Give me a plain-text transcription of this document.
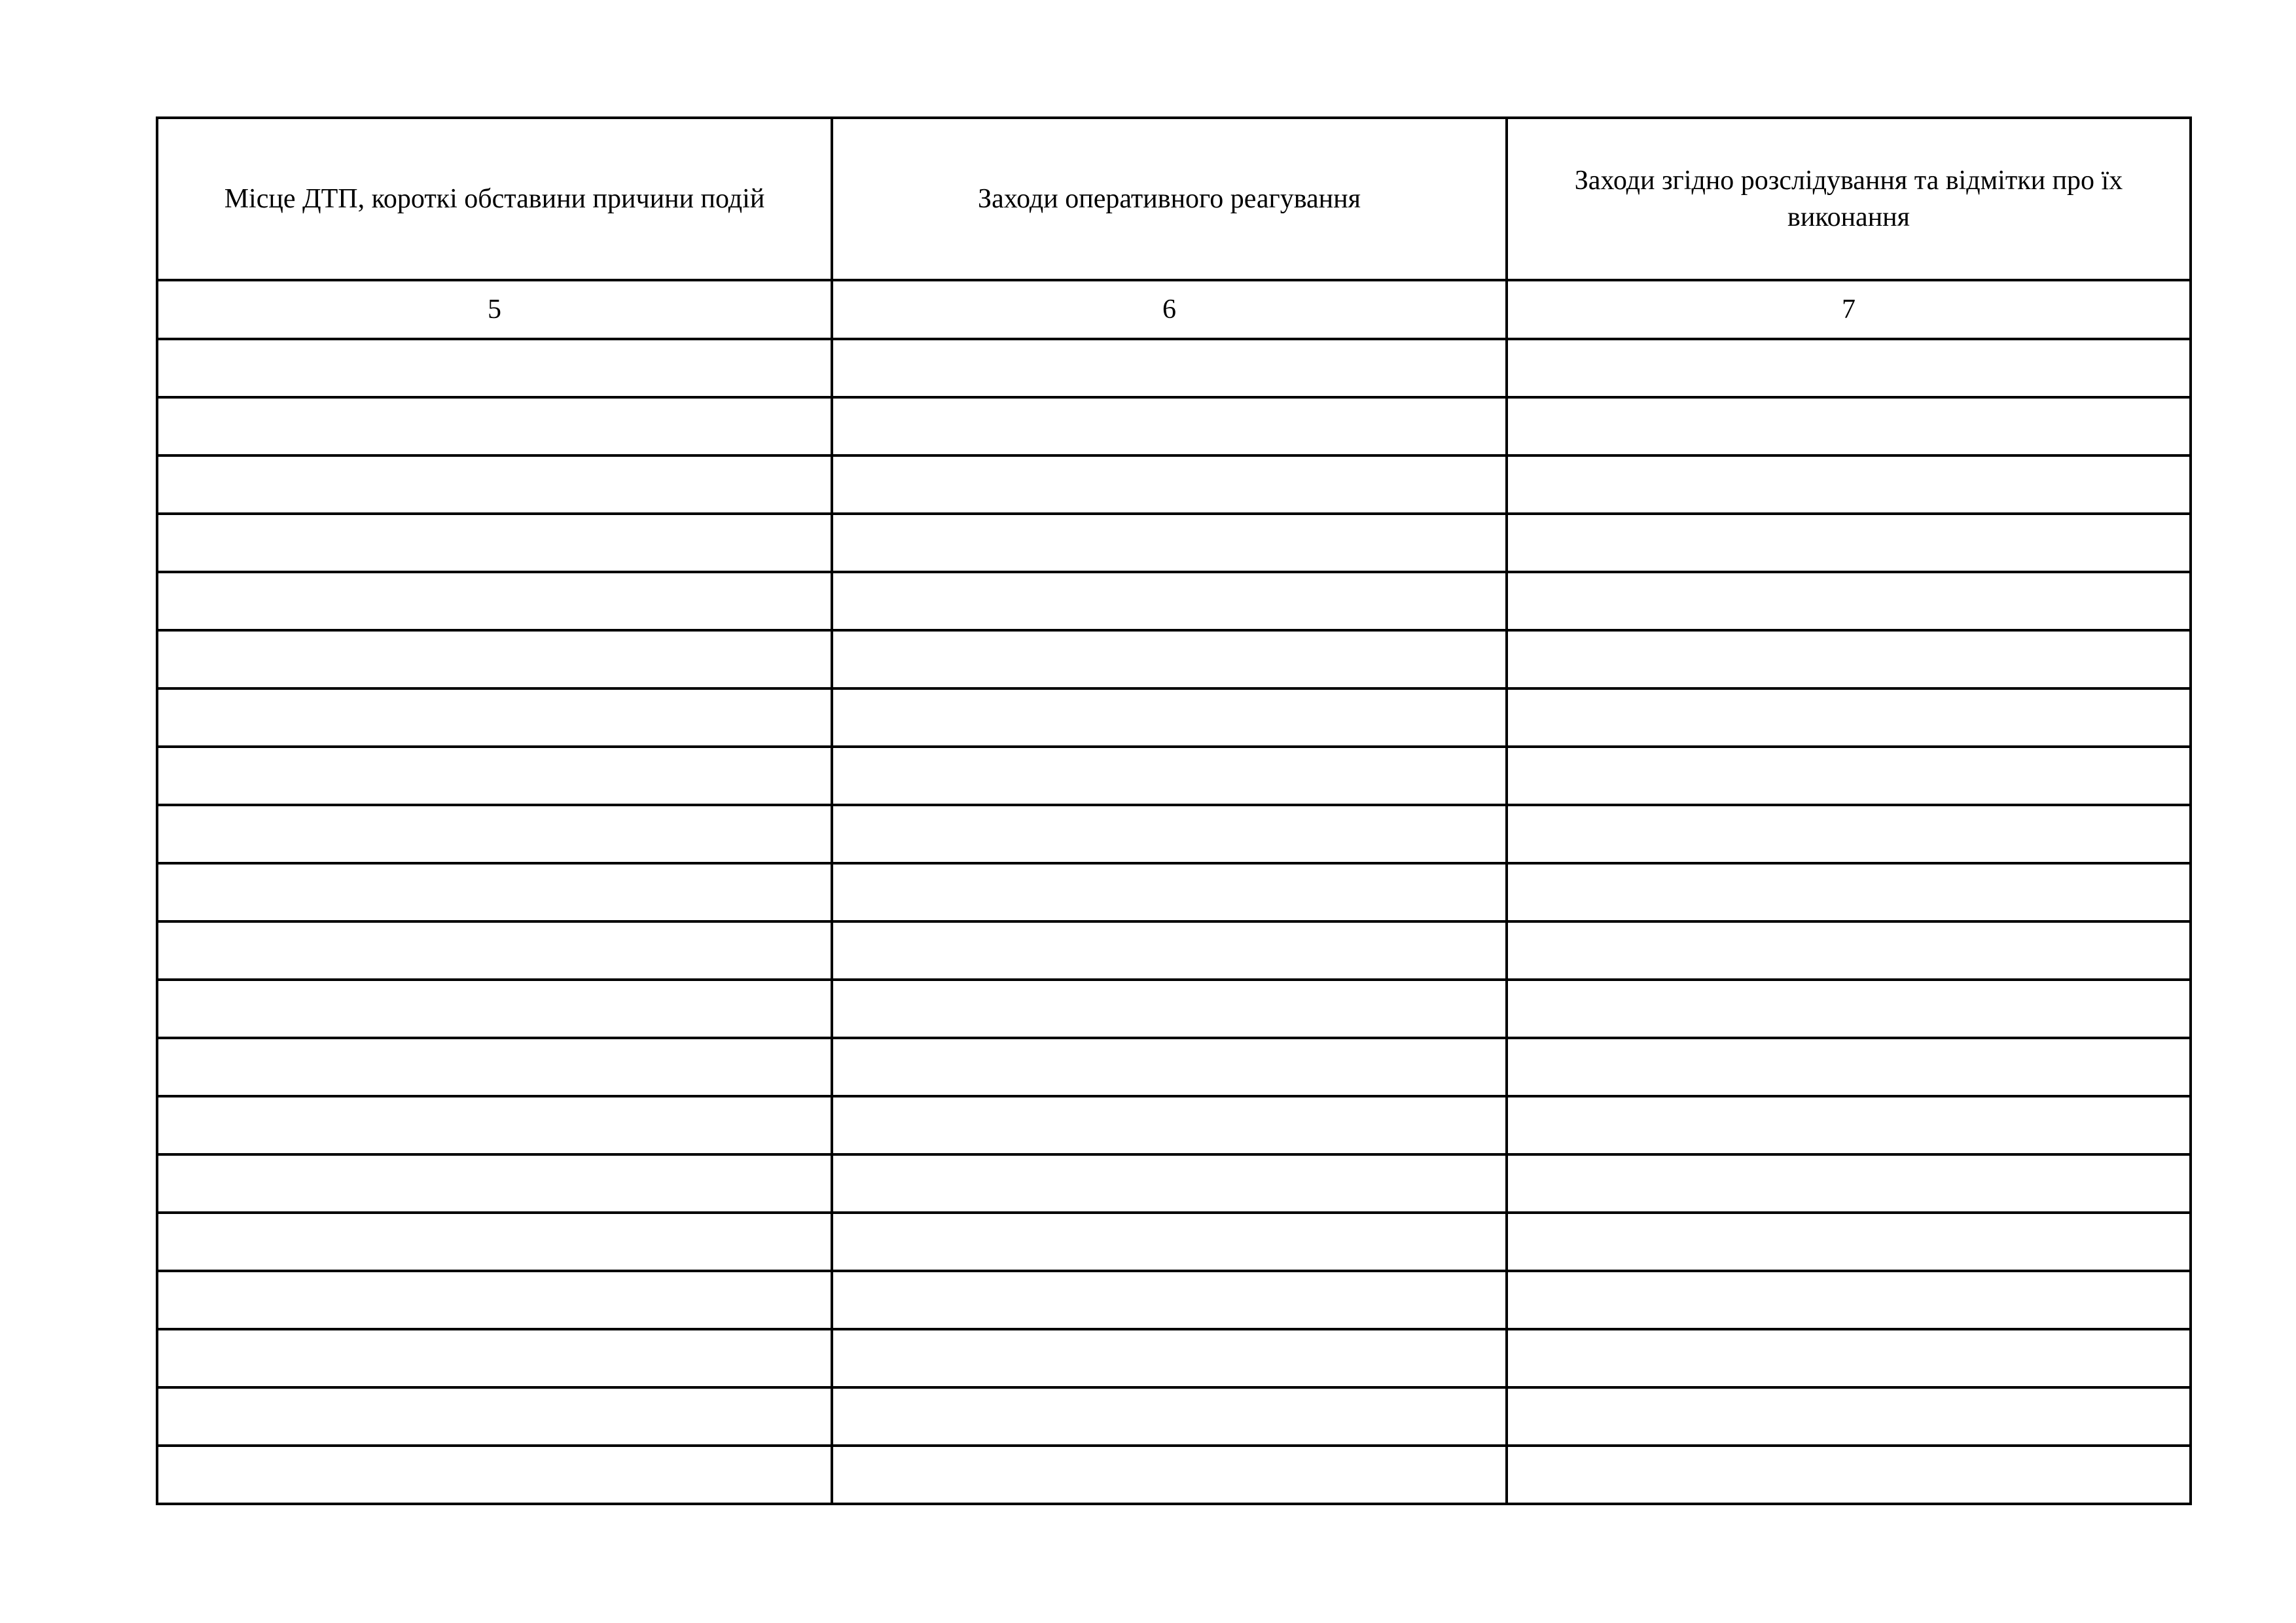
Місце ДТП, короткі обставини причини подій	Заходи оперативного реагування	Заходи згідно розслідування та відмітки про їх виконання
5	6	7
